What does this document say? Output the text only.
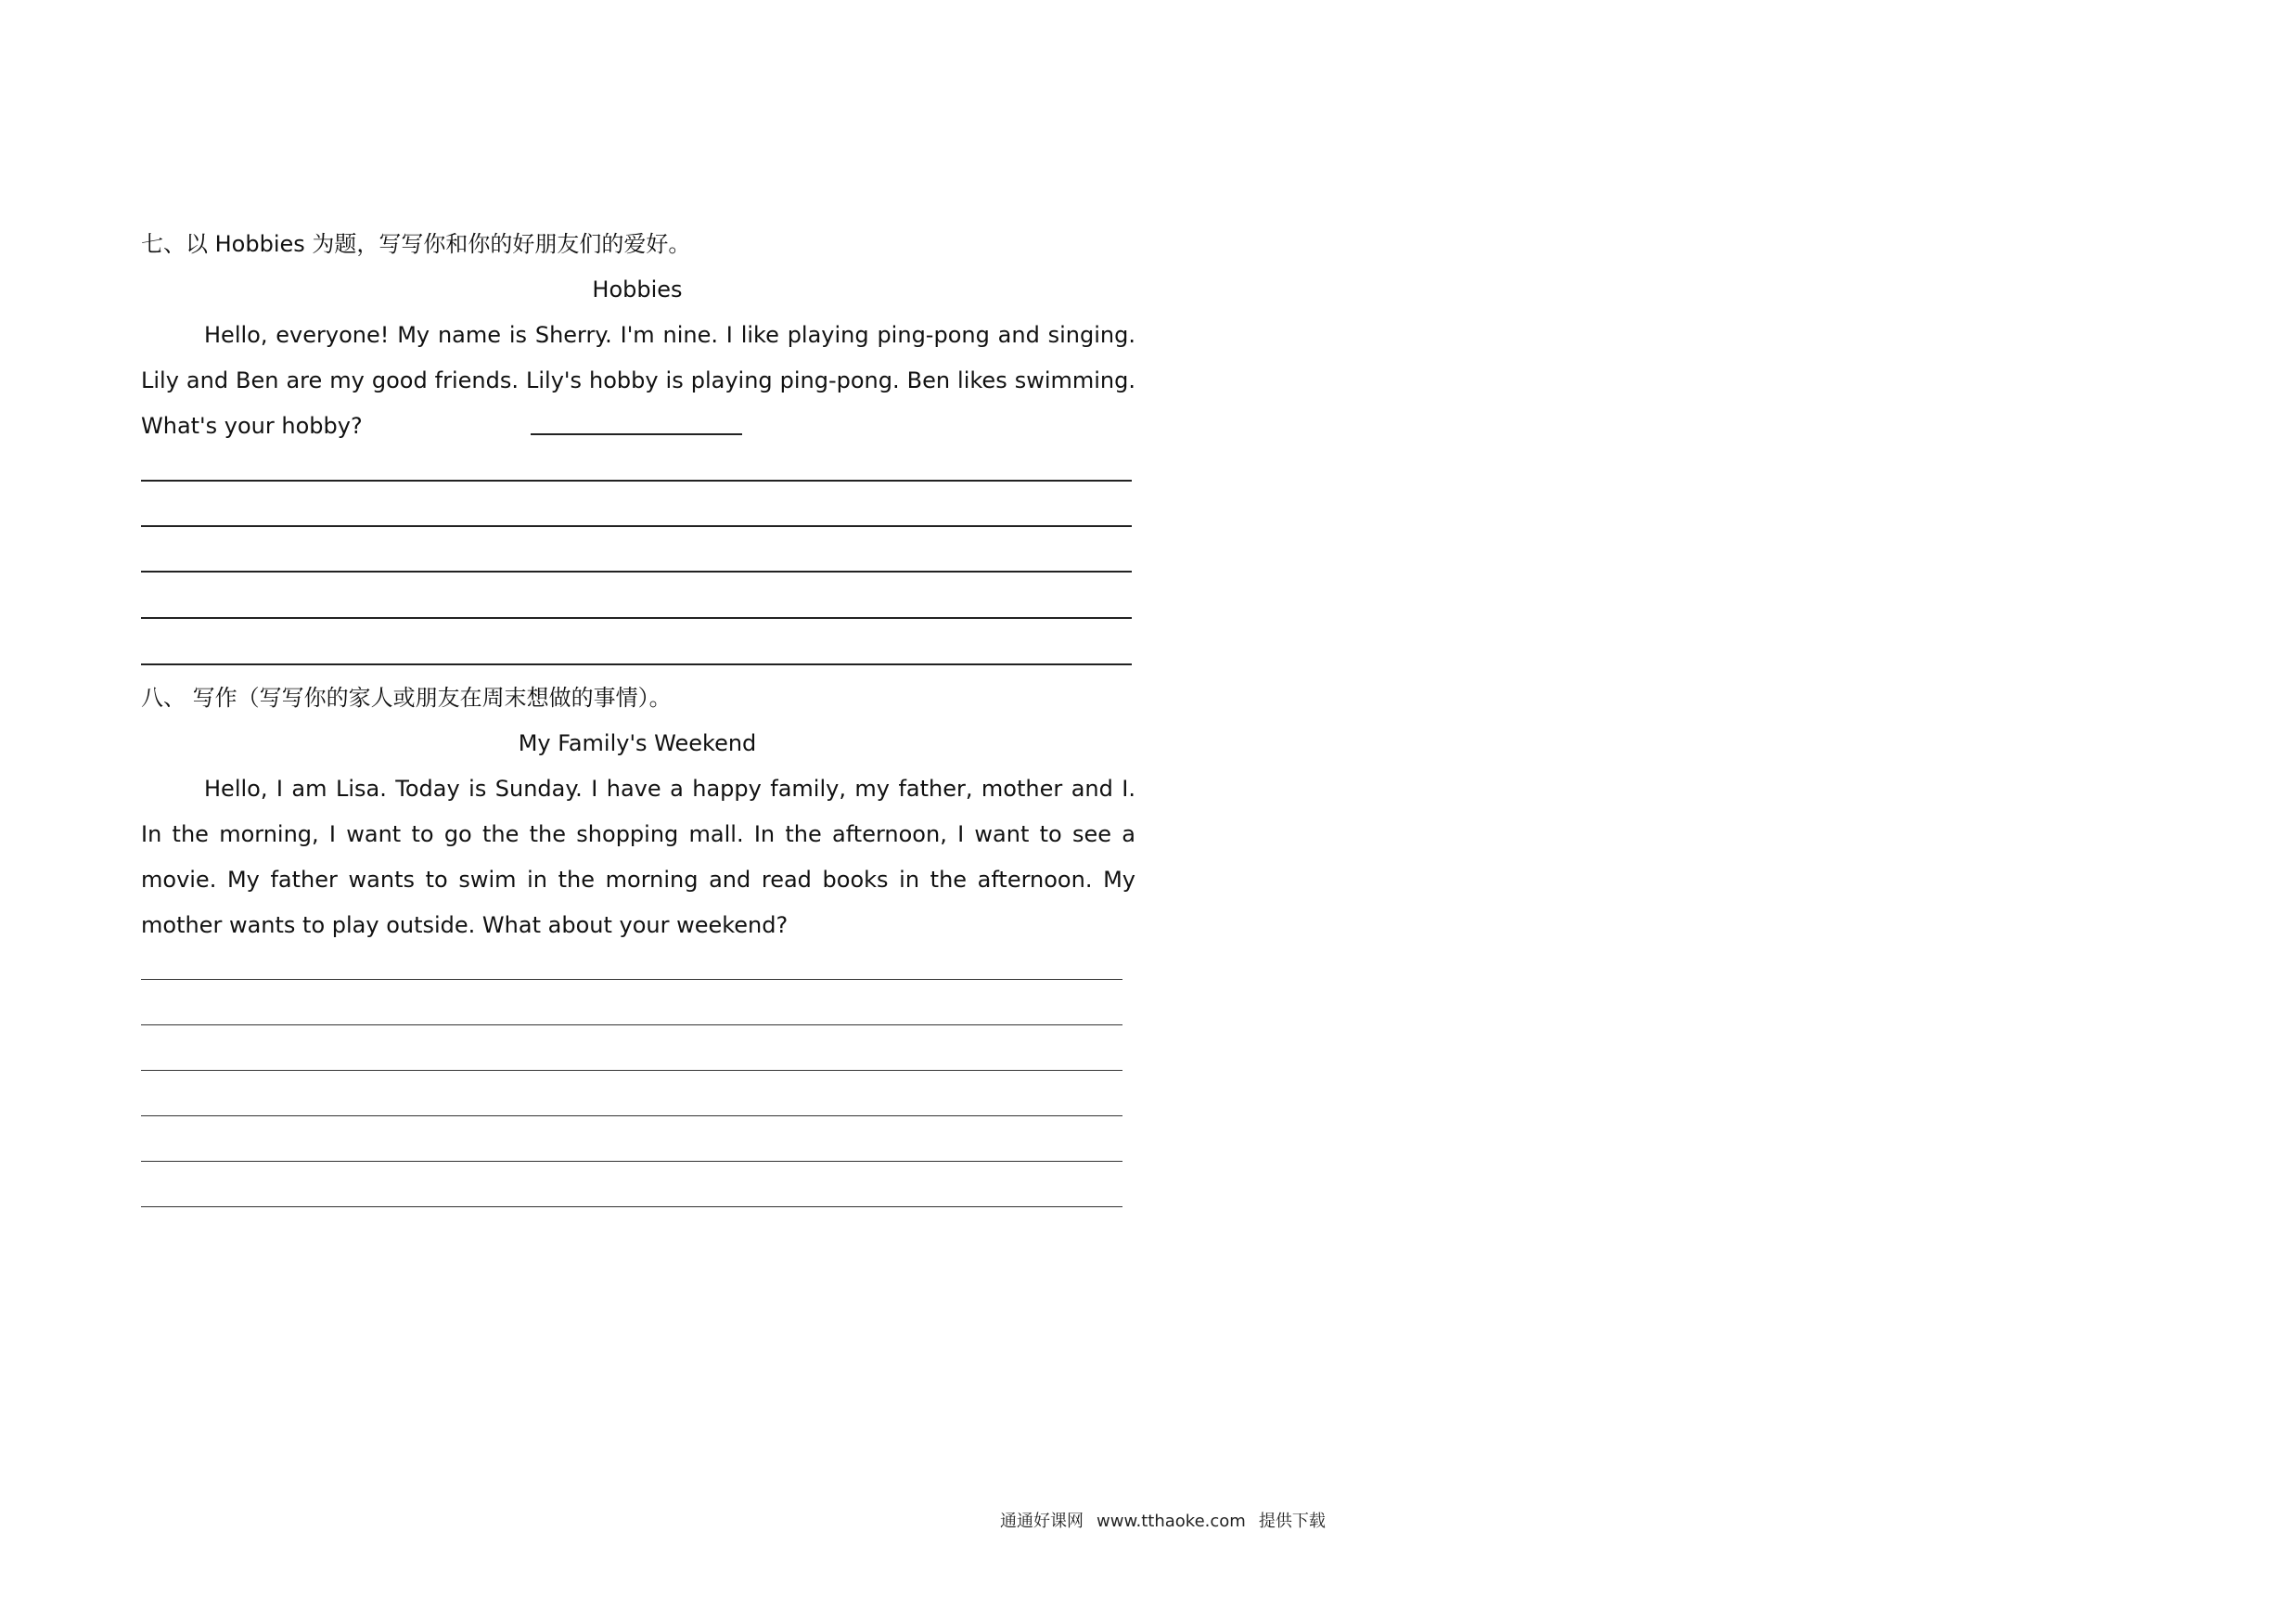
七、以 Hobbies 为题，写写你和你的好朋友们的爱好。
Hobbies
Hello, everyone! My name is Sherry. I'm nine. I like playing ping-pong and singing. Lily and Ben are my good friends. Lily's hobby is playing ping-pong. Ben likes swimming. What's your hobby?
八、 写作（写写你的家人或朋友在周末想做的事情）。
My Family's Weekend
Hello, I am Lisa. Today is Sunday. I have a happy family, my father, mother and I. In the morning, I want to go the the shopping mall. In the afternoon, I want to see a movie. My father wants to swim in the morning and read books in the afternoon. My mother wants to play outside. What about your weekend?
通通好课网 www.tthaoke.com 提供下载
